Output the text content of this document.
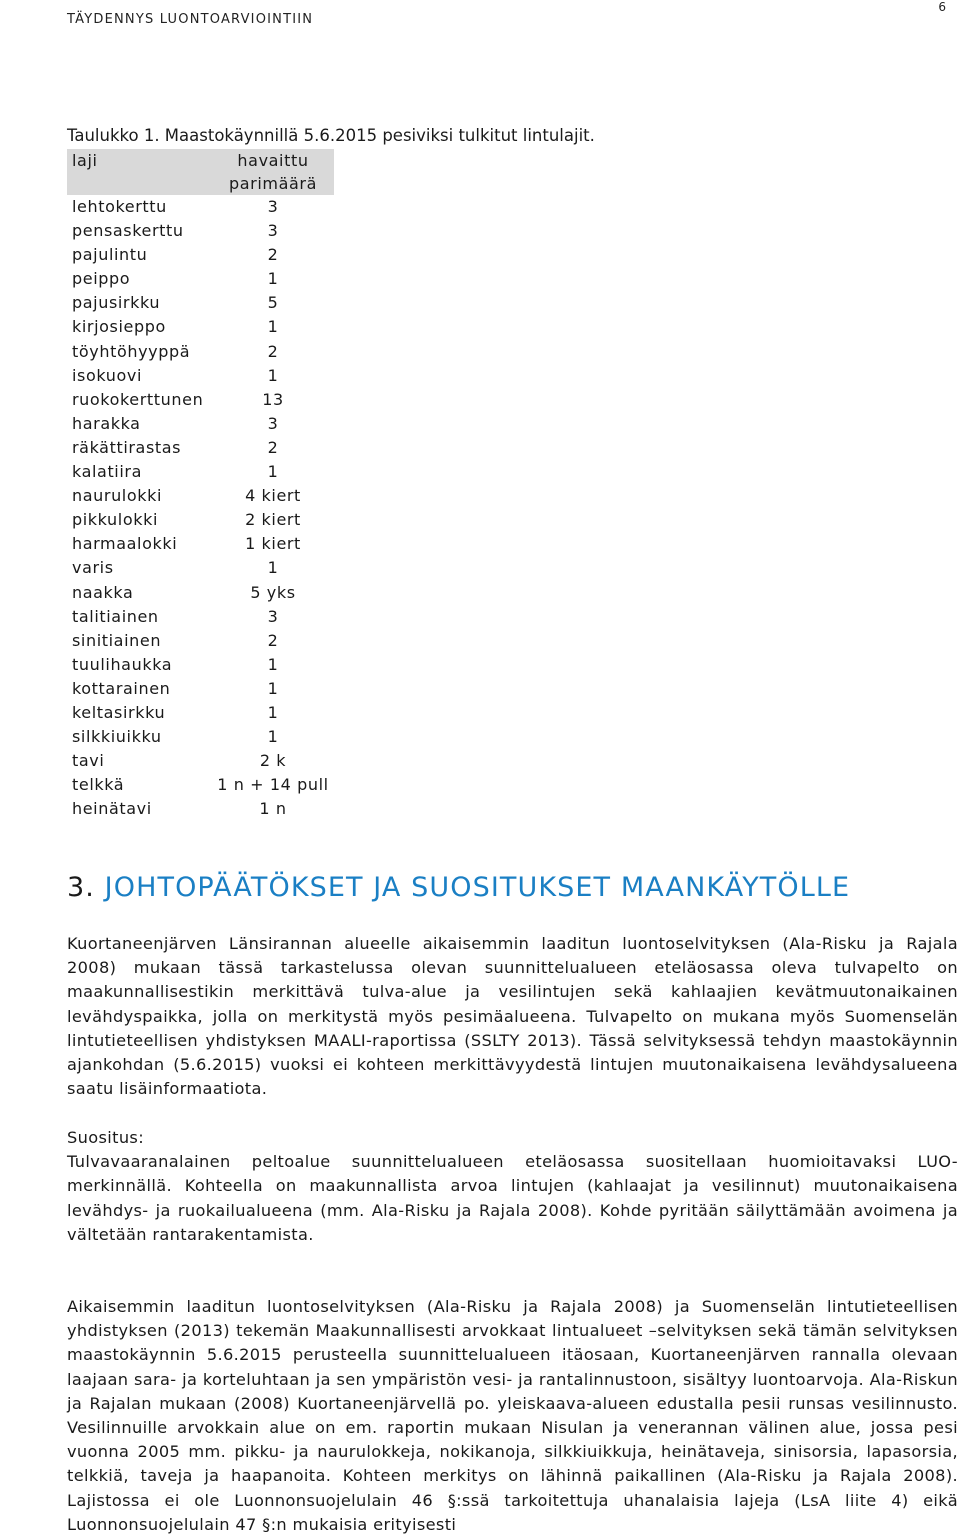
TÄYDENNYS LUONTOARVIOINTIIN
6
Taulukko 1. Maastokäynnillä 5.6.2015 pesiviksi tulkitut lintulajit.
laji	havaittu parimäärä
lehtokerttu	3
pensaskerttu	3
pajulintu	2
peippo	1
pajusirkku	5
kirjosieppo	1
töyhtöhyyppä	2
isokuovi	1
ruokokerttunen	13
harakka	3
räkättirastas	2
kalatiira	1
naurulokki	4 kiert
pikkulokki	2 kiert
harmaalokki	1 kiert
varis	1
naakka	5 yks
talitiainen	3
sinitiainen	2
tuulihaukka	1
kottarainen	1
keltasirkku	1
silkkiuikku	1
tavi	2 k
telkkä	1 n + 14 pull
heinätavi	1 n
3. JOHTOPÄÄTÖKSET JA SUOSITUKSET MAANKÄYTÖLLE

Kuortaneenjärven Länsirannan alueelle aikaisemmin laaditun luontoselvityksen (Ala-Risku ja Rajala 2008) mukaan tässä tarkastelussa olevan suunnittelualueen eteläosassa oleva tulvapelto on maakunnallisestikin merkittävä tulva-alue ja vesilintujen sekä kahlaajien kevätmuutonaikainen levähdyspaikka, jolla on merkitystä myös pesimäalueena. Tulvapelto on mukana myös Suomenselän lintutieteellisen yhdistyksen MAALI-raportissa (SSLTY 2013). Tässä selvityksessä tehdyn maastokäynnin ajankohdan (5.6.2015) vuoksi ei kohteen merkittävyydestä lintujen muutonaikaisena levähdysalueena saatu lisäinformaatiota.

Suositus:
Tulvavaaranalainen peltoalue suunnittelualueen eteläosassa suositellaan huomioitavaksi LUO-merkinnällä. Kohteella on maakunnallista arvoa lintujen (kahlaajat ja vesilinnut) muutonaikaisena levähdys- ja ruokailualueena (mm. Ala-Risku ja Rajala 2008). Kohde pyritään säilyttämään avoimena ja vältetään rantarakentamista.

Aikaisemmin laaditun luontoselvityksen (Ala-Risku ja Rajala 2008) ja Suomenselän lintutieteellisen yhdistyksen (2013) tekemän Maakunnallisesti arvokkaat lintualueet –selvityksen sekä tämän selvityksen maastokäynnin 5.6.2015 perusteella suunnittelualueen itäosaan, Kuortaneenjärven rannalla olevaan laajaan sara- ja korteluhtaan ja sen ympäristön vesi- ja rantalinnustoon, sisältyy luontoarvoja. Ala-Riskun ja Rajalan mukaan (2008) Kuortaneenjärvellä po. yleiskaava-alueen edustalla pesii runsas vesilinnusto. Vesilinnuille arvokkain alue on em. raportin mukaan Nisulan ja venerannan välinen alue, jossa pesi vuonna 2005 mm. pikku- ja naurulokkeja, nokikanoja, silkkiuikkuja, heinätaveja, sinisorsia, lapasorsia, telkkiä, taveja ja haapanoita. Kohteen merkitys on lähinnä paikallinen (Ala-Risku ja Rajala 2008). Lajistossa ei ole Luonnonsuojelulain 46 §:ssä tarkoitettuja uhanalaisia lajeja (LsA liite 4) eikä Luonnonsuojelulain 47 §:n mukaisia erityisesti
